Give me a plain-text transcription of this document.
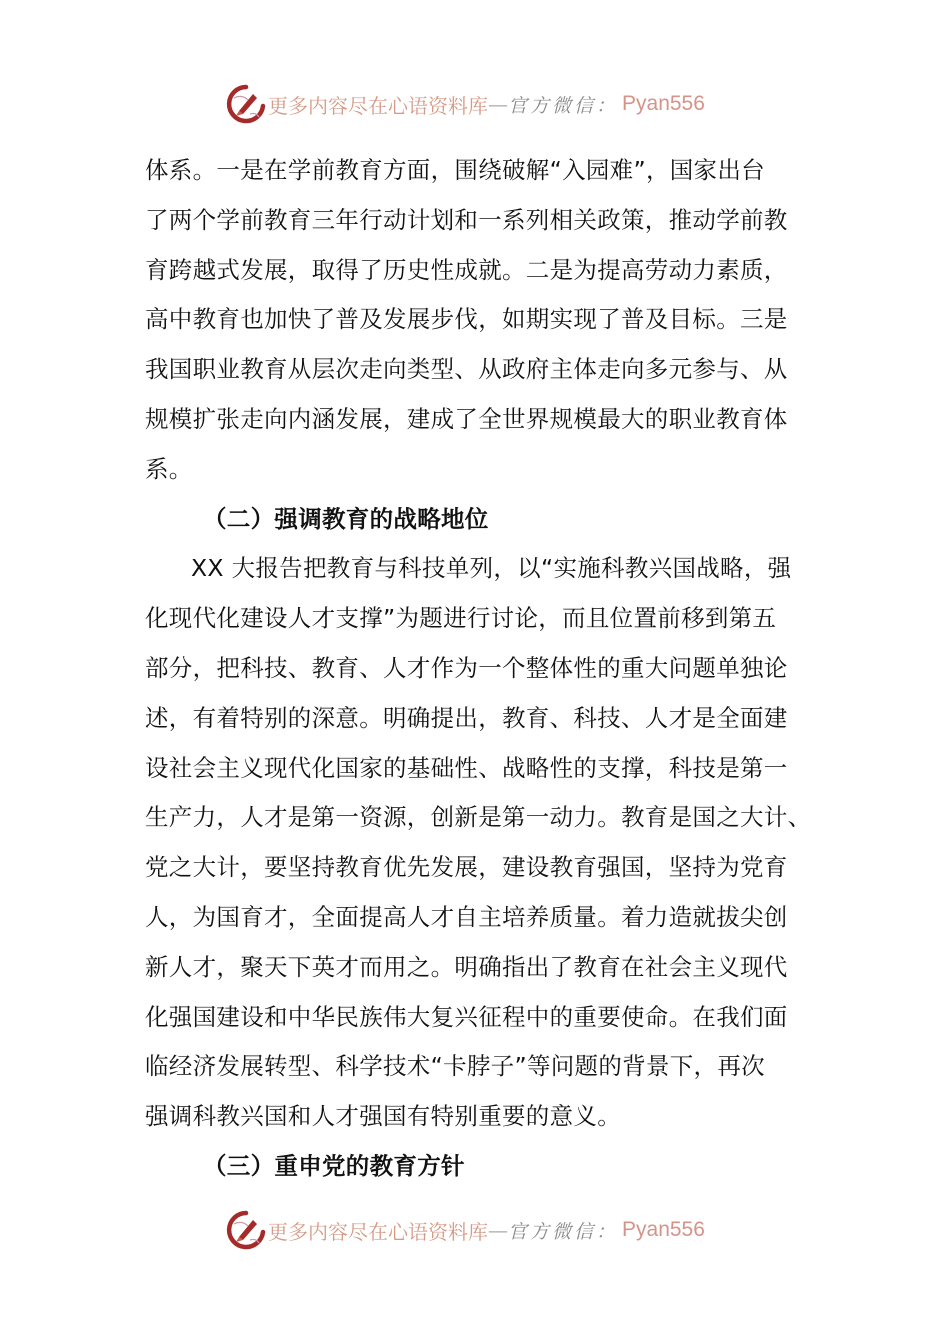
更多内容尽在心语资料库 — 官方微信： Pyan556
体系。一是在学前教育方面，围绕破解“入园难”，国家出台
了两个学前教育三年行动计划和一系列相关政策，推动学前教
育跨越式发展，取得了历史性成就。二是为提高劳动力素质，
高中教育也加快了普及发展步伐，如期实现了普及目标。三是
我国职业教育从层次走向类型、从政府主体走向多元参与、从
规模扩张走向内涵发展，建成了全世界规模最大的职业教育体
系。
（二）强调教育的战略地位
XX 大报告把教育与科技单列，以“实施科教兴国战略，强
化现代化建设人才支撑”为题进行讨论，而且位置前移到第五
部分，把科技、教育、人才作为一个整体性的重大问题单独论
述，有着特别的深意。明确提出，教育、科技、人才是全面建
设社会主义现代化国家的基础性、战略性的支撑，科技是第一
生产力，人才是第一资源，创新是第一动力。教育是国之大计、
党之大计，要坚持教育优先发展，建设教育强国，坚持为党育
人，为国育才，全面提高人才自主培养质量。着力造就拔尖创
新人才，聚天下英才而用之。明确指出了教育在社会主义现代
化强国建设和中华民族伟大复兴征程中的重要使命。在我们面
临经济发展转型、科学技术“卡脖子”等问题的背景下，再次
强调科教兴国和人才强国有特别重要的意义。
（三）重申党的教育方针
更多内容尽在心语资料库 — 官方微信： Pyan556
